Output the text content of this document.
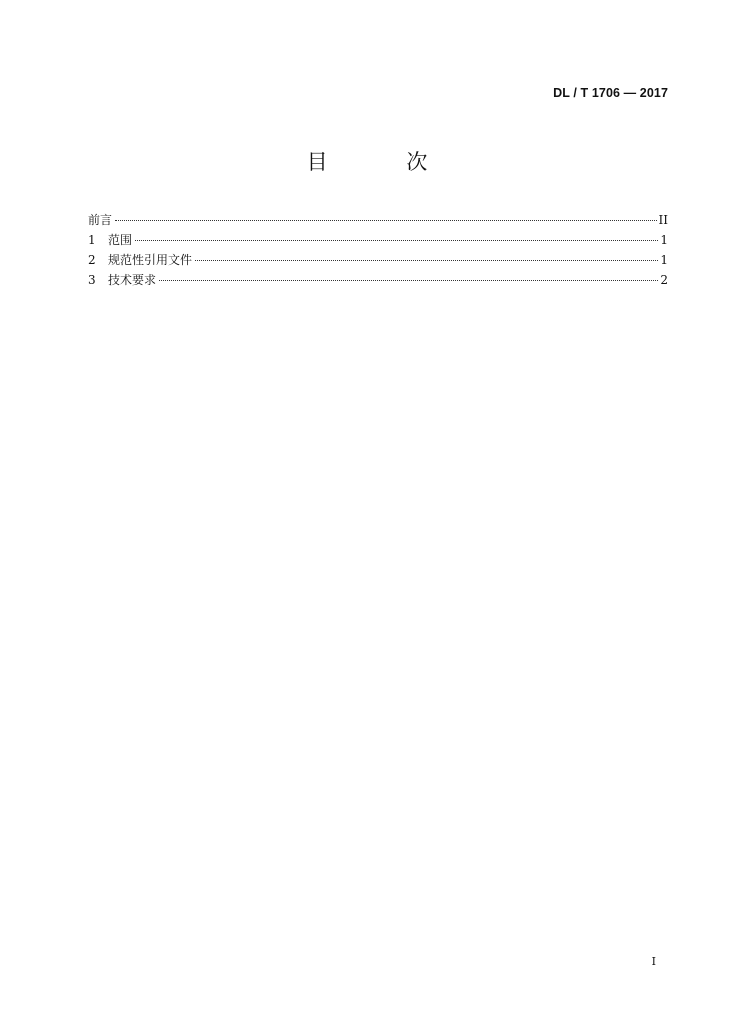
DL / T 1706 — 2017
目 次
前言	II
1	范围	1
2	规范性引用文件	1
3	技术要求	2
I
